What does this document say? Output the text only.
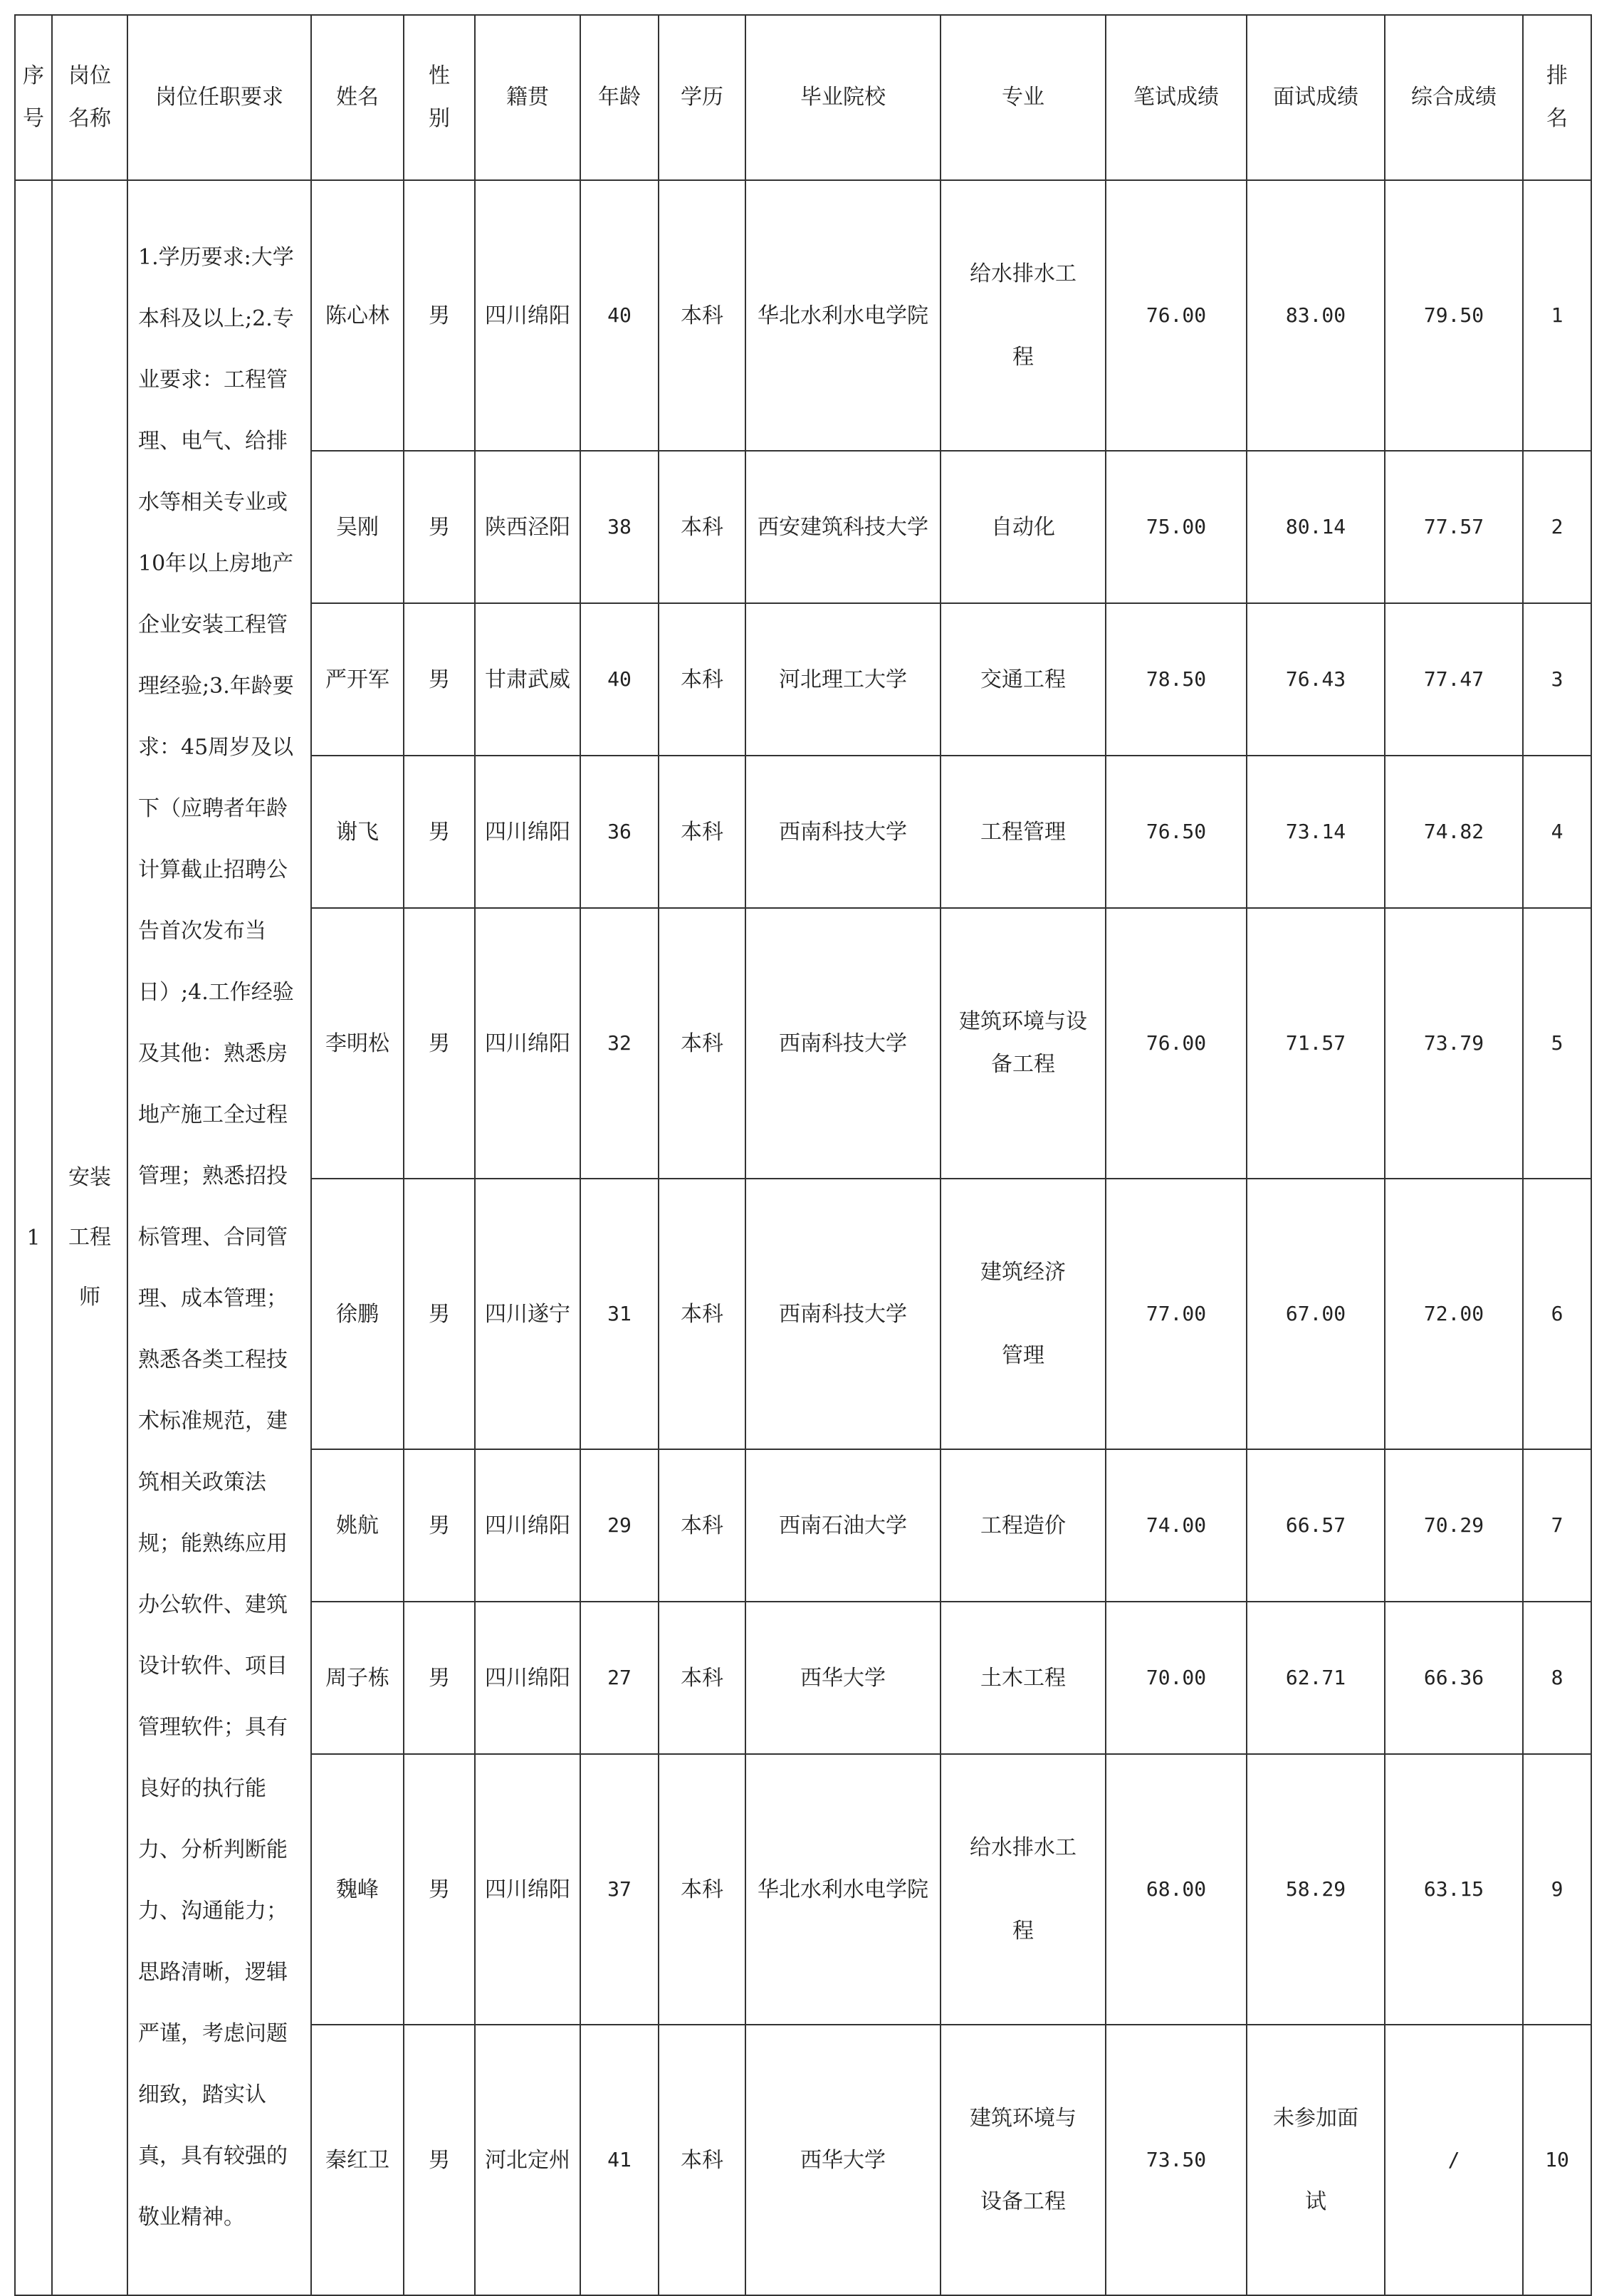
序号	岗位名称	岗位任职要求	姓名	性别	籍贯	年龄	学历	毕业院校	专业	笔试成绩	面试成绩	综合成绩	排名

1	安装工程师	1.学历要求:大学本科及以上;2.专业要求：工程管理、电气、给排水等相关专业或10年以上房地产企业安装工程管理经验;3.年龄要求：45周岁及以下（应聘者年龄计算截止招聘公告首次发布当日）;4.工作经验及其他：熟悉房地产施工全过程管理；熟悉招投标管理、合同管理、成本管理；熟悉各类工程技术标准规范，建筑相关政策法规；能熟练应用办公软件、建筑设计软件、项目管理软件；具有良好的执行能力、分析判断能力、沟通能力；思路清晰，逻辑严谨，考虑问题细致，踏实认真，具有较强的敬业精神。	陈心林	男	四川绵阳	40	本科	华北水利水电学院	给水排水工程	76.00	83.00	79.50	1
			吴刚	男	陕西泾阳	38	本科	西安建筑科技大学	自动化	75.00	80.14	77.57	2
			严开军	男	甘肃武威	40	本科	河北理工大学	交通工程	78.50	76.43	77.47	3
			谢飞	男	四川绵阳	36	本科	西南科技大学	工程管理	76.50	73.14	74.82	4
			李明松	男	四川绵阳	32	本科	西南科技大学	建筑环境与设备工程	76.00	71.57	73.79	5
			徐鹏	男	四川遂宁	31	本科	西南科技大学	建筑经济管理	77.00	67.00	72.00	6
			姚航	男	四川绵阳	29	本科	西南石油大学	工程造价	74.00	66.57	70.29	7
			周子栋	男	四川绵阳	27	本科	西华大学	土木工程	70.00	62.71	66.36	8
			魏峰	男	四川绵阳	37	本科	华北水利水电学院	给水排水工程	68.00	58.29	63.15	9
			秦红卫	男	河北定州	41	本科	西华大学	建筑环境与设备工程	73.50	未参加面试	/	10
